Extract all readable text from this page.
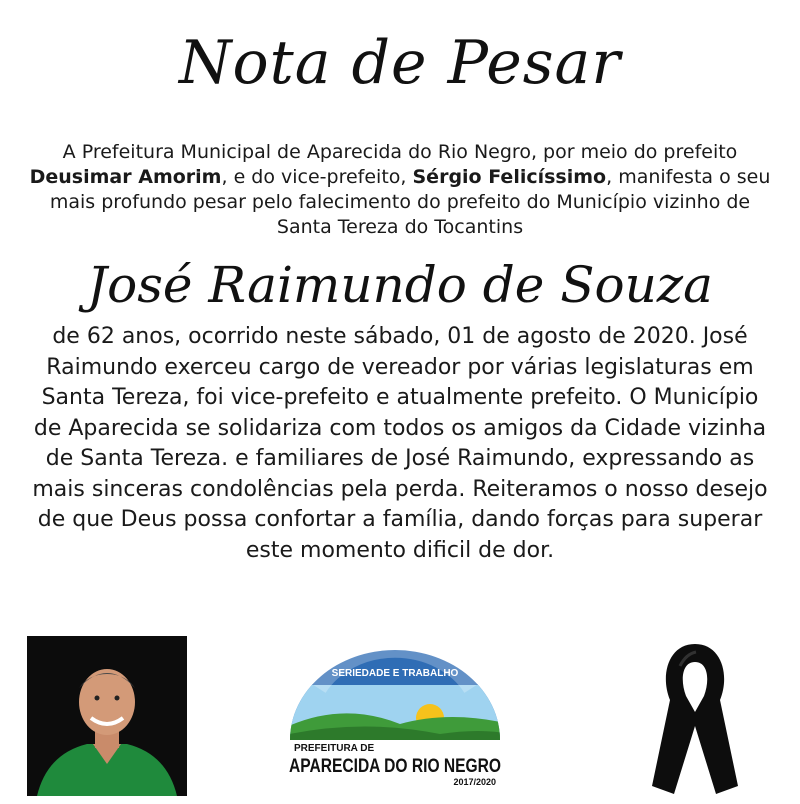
Nota de Pesar
A Prefeitura Municipal de Aparecida do Rio Negro, por meio do prefeito Deusimar Amorim, e do vice-prefeito, Sérgio Felicíssimo, manifesta o seu mais profundo pesar pelo falecimento do prefeito do Município vizinho de Santa Tereza do Tocantins
José Raimundo de Souza
de 62 anos, ocorrido neste sábado, 01 de agosto de 2020. José Raimundo exerceu cargo de vereador por várias legislaturas em Santa Tereza, foi vice-prefeito e atualmente prefeito. O Município de Aparecida se solidariza com todos os amigos da Cidade vizinha de Santa Tereza. e familiares de José Raimundo, expressando as mais sinceras condolências pela perda. Reiteramos o nosso desejo de que Deus possa confortar a família, dando forças para superar este momento dificil de dor.
SERIEDADE E TRABALHO
PREFEITURA DE
APARECIDA DO RIO NEGRO
2017/2020
